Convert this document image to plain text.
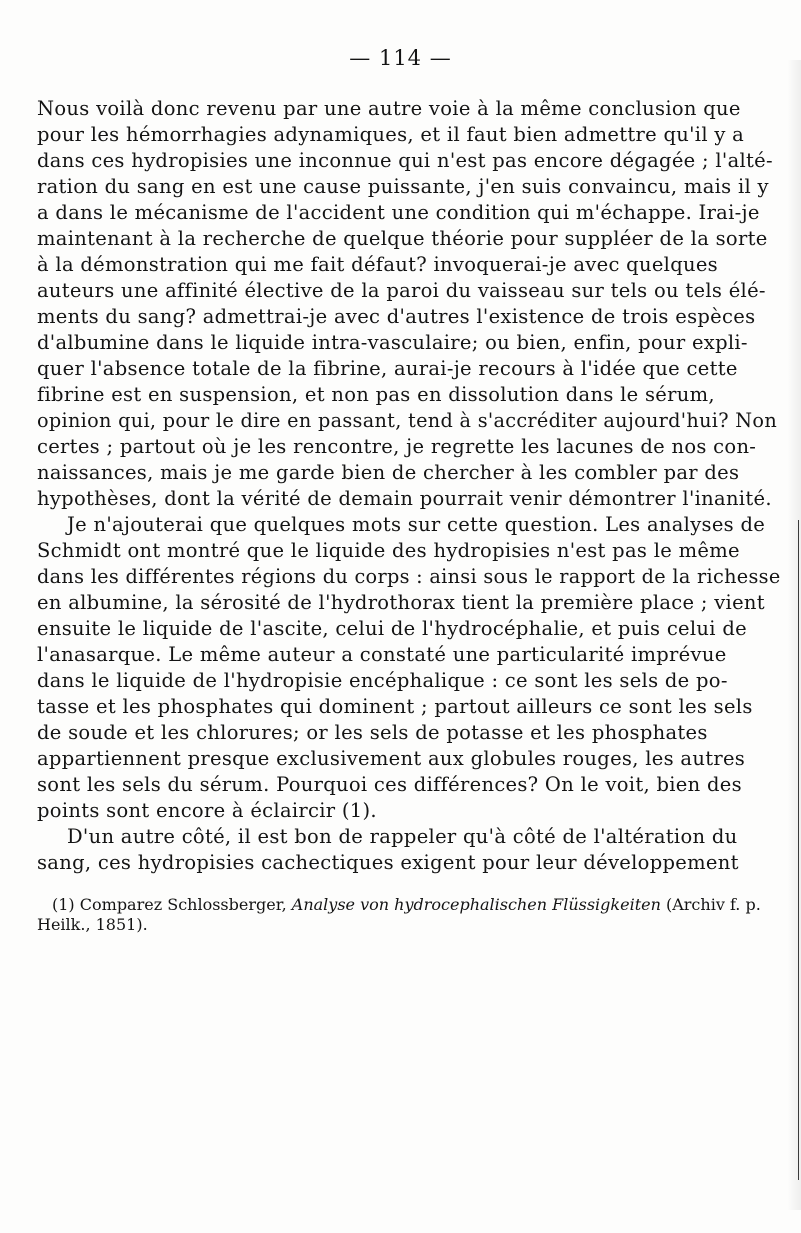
— 114 —
Nous voilà donc revenu par une autre voie à la même conclusion que
pour les hémorrhagies adynamiques, et il faut bien admettre qu'il y a
dans ces hydropisies une inconnue qui n'est pas encore dégagée ; l'alté-
ration du sang en est une cause puissante, j'en suis convaincu, mais il y
a dans le mécanisme de l'accident une condition qui m'échappe. Irai-je
maintenant à la recherche de quelque théorie pour suppléer de la sorte
à la démonstration qui me fait défaut? invoquerai-je avec quelques
auteurs une affinité élective de la paroi du vaisseau sur tels ou tels élé-
ments du sang? admettrai-je avec d'autres l'existence de trois espèces
d'albumine dans le liquide intra-vasculaire; ou bien, enfin, pour expli-
quer l'absence totale de la fibrine, aurai-je recours à l'idée que cette
fibrine est en suspension, et non pas en dissolution dans le sérum,
opinion qui, pour le dire en passant, tend à s'accréditer aujourd'hui? Non
certes ; partout où je les rencontre, je regrette les lacunes de nos con-
naissances, mais je me garde bien de chercher à les combler par des
hypothèses, dont la vérité de demain pourrait venir démontrer l'inanité.
Je n'ajouterai que quelques mots sur cette question. Les analyses de
Schmidt ont montré que le liquide des hydropisies n'est pas le même
dans les différentes régions du corps : ainsi sous le rapport de la richesse
en albumine, la sérosité de l'hydrothorax tient la première place ; vient
ensuite le liquide de l'ascite, celui de l'hydrocéphalie, et puis celui de
l'anasarque. Le même auteur a constaté une particularité imprévue
dans le liquide de l'hydropisie encéphalique : ce sont les sels de po-
tasse et les phosphates qui dominent ; partout ailleurs ce sont les sels
de soude et les chlorures; or les sels de potasse et les phosphates
appartiennent presque exclusivement aux globules rouges, les autres
sont les sels du sérum. Pourquoi ces différences? On le voit, bien des
points sont encore à éclaircir (1).
D'un autre côté, il est bon de rappeler qu'à côté de l'altération du
sang, ces hydropisies cachectiques exigent pour leur développement
(1) Comparez Schlossberger, Analyse von hydrocephalischen Flüssigkeiten (Archiv f. p.
Heilk., 1851).
